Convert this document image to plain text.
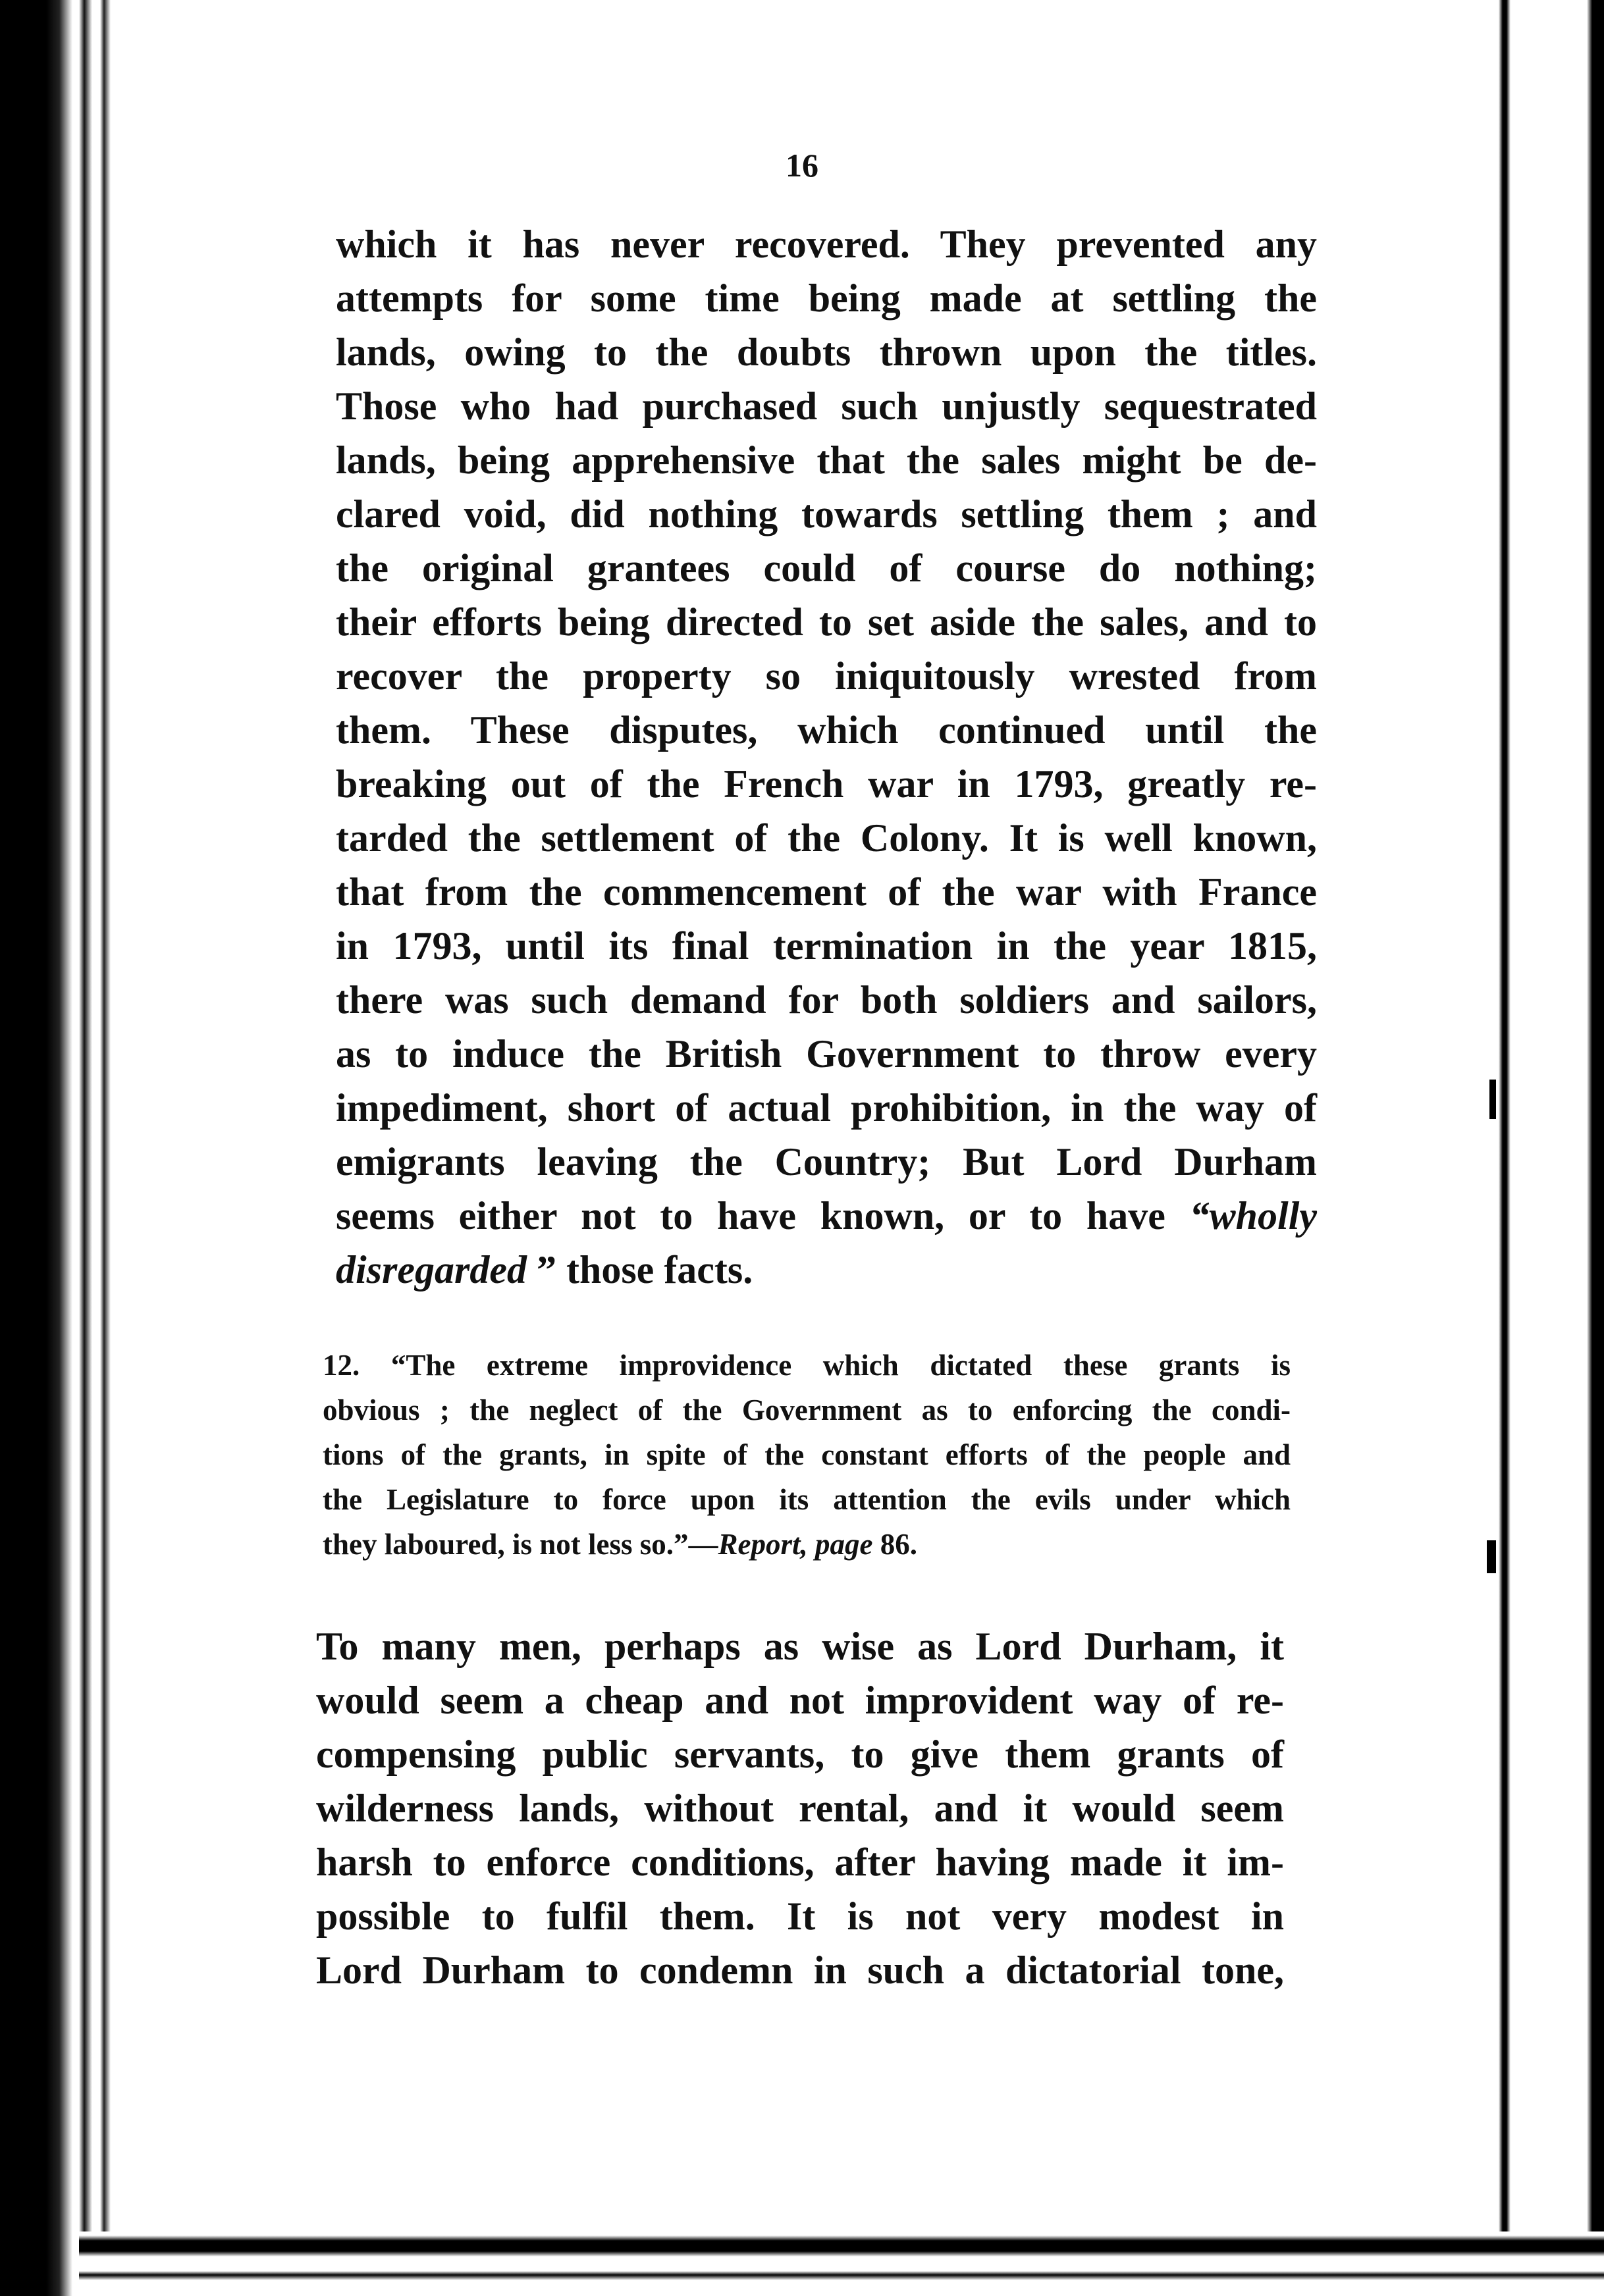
16
which it has never recovered. They prevented any
attempts for some time being made at settling the
lands, owing to the doubts thrown upon the titles.
Those who had purchased such unjustly sequestrated
lands, being apprehensive that the sales might be de-
clared void, did nothing towards settling them ; and
the original grantees could of course do nothing;
their efforts being directed to set aside the sales, and to
recover the property so iniquitously wrested from
them. These disputes, which continued until the
breaking out of the French war in 1793, greatly re-
tarded the settlement of the Colony. It is well known,
that from the commencement of the war with France
in 1793, until its final termination in the year 1815,
there was such demand for both soldiers and sailors,
as to induce the British Government to throw every
impediment, short of actual prohibition, in the way of
emigrants leaving the Country; But Lord Durham
seems either not to have known, or to have “wholly
disregarded ” those facts.
12. “The extreme improvidence which dictated these grants is
obvious ; the neglect of the Government as to enforcing the condi-
tions of the grants, in spite of the constant efforts of the people and
the Legislature to force upon its attention the evils under which
they laboured, is not less so.”—Report, page 86.
To many men, perhaps as wise as Lord Durham, it
would seem a cheap and not improvident way of re-
compensing public servants, to give them grants of
wilderness lands, without rental, and it would seem
harsh to enforce conditions, after having made it im-
possible to fulfil them. It is not very modest in
Lord Durham to condemn in such a dictatorial tone,
